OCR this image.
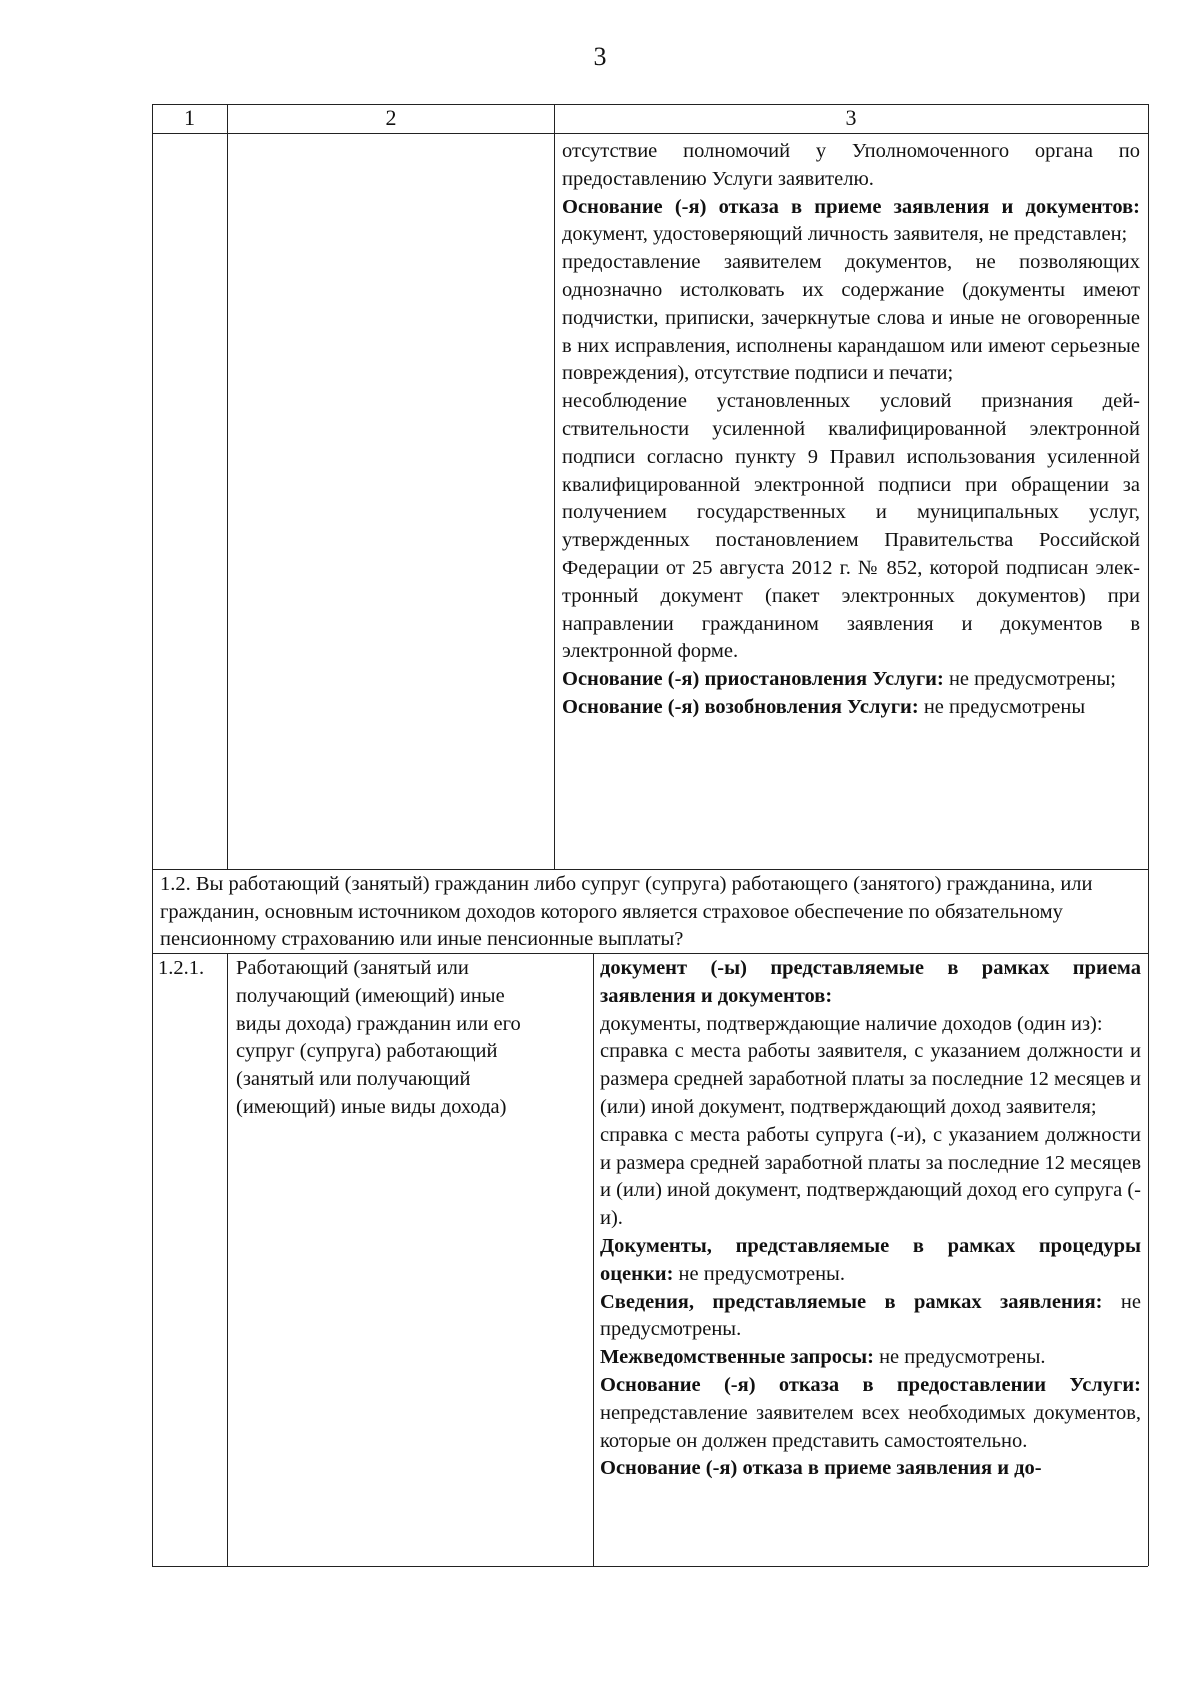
3
1	2	3
отсутствие полномочий у Уполномоченного органа по предоставлению Услуги заявителю.
Основание (-я) отказа в приеме заявления и документов: документ, удостоверяющий личность заявителя, не представлен;
предоставление заявителем документов, не позволяющих однозначно истолковать их содержание (документы имеют подчистки, приписки, зачеркнутые слова и иные не оговоренные в них исправления, исполнены карандашом или имеют серьезные повреждения), отсутствие подписи и печати;
несоблюдение установленных условий признания действительности усиленной квалифицированной электронной подписи согласно пункту 9 Правил использования усиленной квалифицированной электронной подписи при обращении за получением государственных и муниципальных услуг, утвержденных постановлением Правительства Российской Федерации от 25 августа 2012 г. № 852, которой подписан электронный документ (пакет электронных документов) при направлении гражданином заявления и документов в электронной форме.
Основание (-я) приостановления Услуги: не предусмотрены;
Основание (-я) возобновления Услуги: не предусмотрены
1.2. Вы работающий (занятый) гражданин либо супруг (супруга) работающего (занятого) гражданина, или гражданин, основным источником доходов которого является страховое обеспечение по обязательному пенсионному страхованию или иные пенсионные выплаты?
1.2.1. Работающий (занятый или
получающий (имеющий) иные
виды дохода) гражданин или его
супруг (супруга) работающий
(занятый или получающий
(имеющий) иные виды дохода)
документ (-ы) представляемые в рамках приема заявления и документов:
документы, подтверждающие наличие доходов (один из):
справка с места работы заявителя, с указанием должности и размера средней заработной платы за последние 12 месяцев и (или) иной документ, подтверждающий доход заявителя;
справка с места работы супруга (-и), с указанием должности и размера средней заработной платы за последние 12 месяцев и (или) иной документ, подтверждающий доход его супруга (-и).
Документы, представляемые в рамках процедуры оценки: не предусмотрены.
Сведения, представляемые в рамках заявления: не предусмотрены.
Межведомственные запросы: не предусмотрены.
Основание (-я) отказа в предоставлении Услуги: непредставление заявителем всех необходимых документов, которые он должен представить самостоятельно.
Основание (-я) отказа в приеме заявления и до-
